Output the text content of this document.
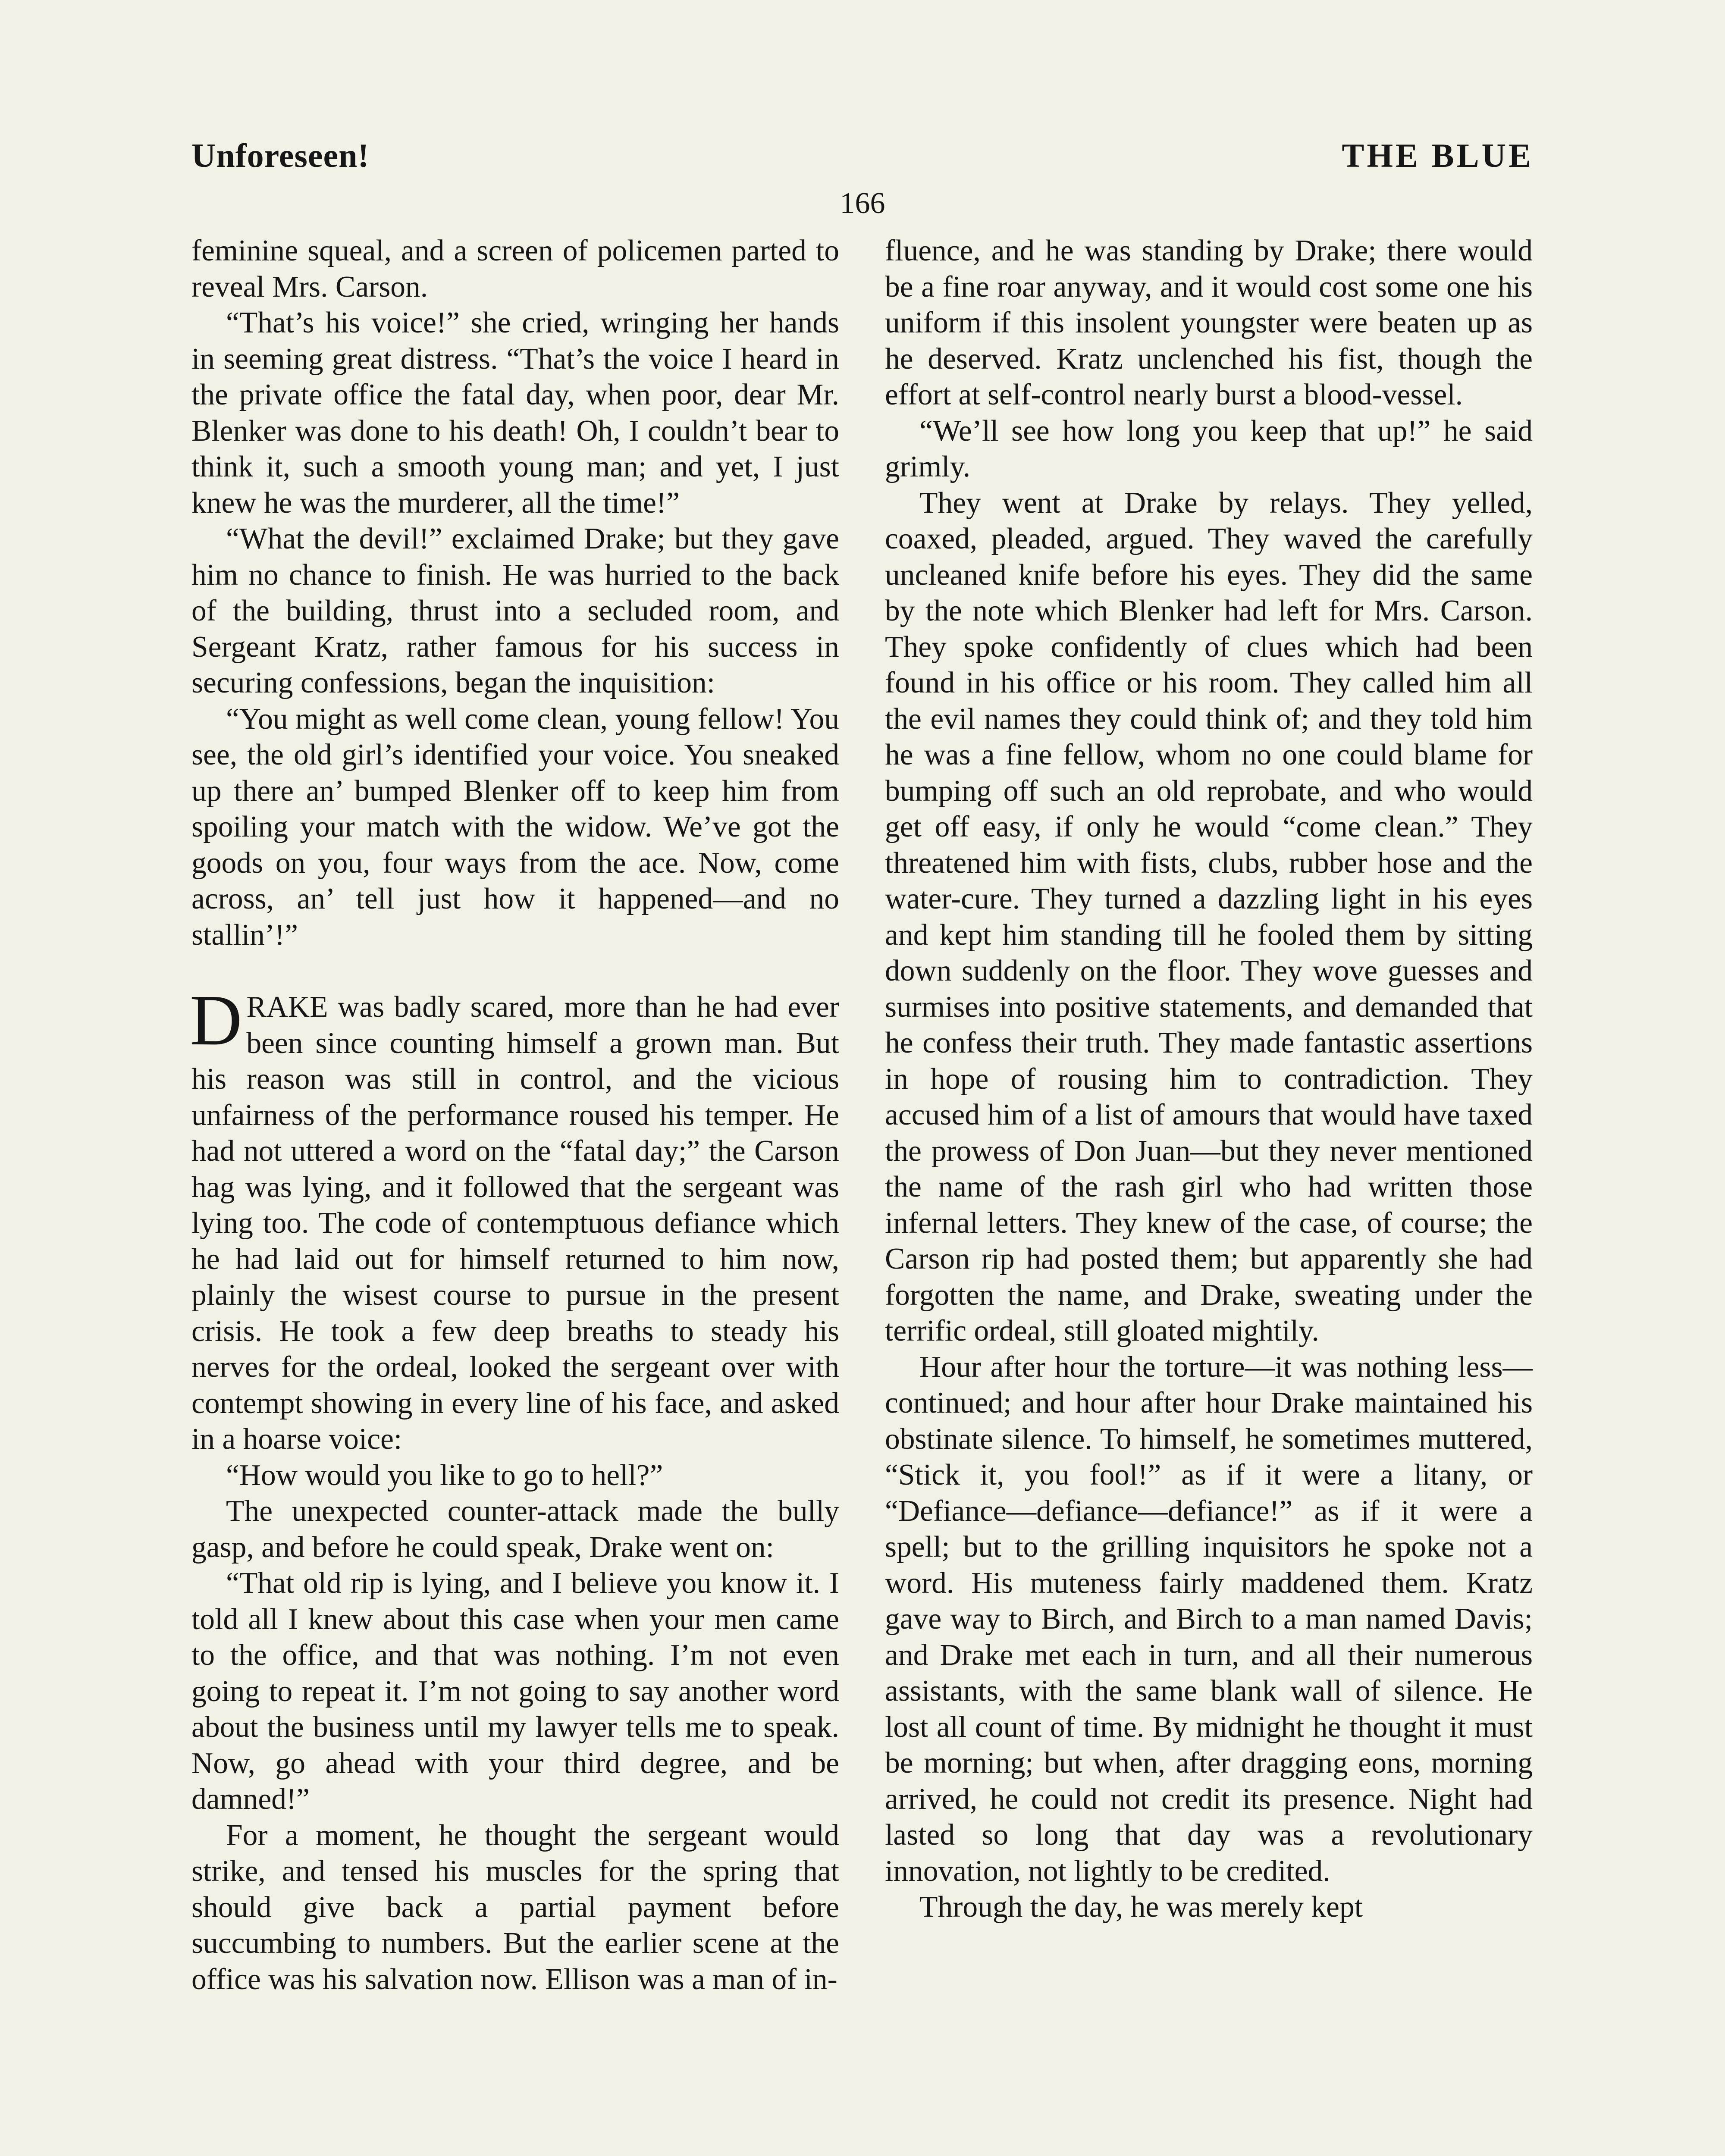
Unforeseen!	THE BLUE
166

feminine squeal, and a screen of policemen parted to reveal Mrs. Carson.

“That’s his voice!” she cried, wringing her hands in seeming great distress. “That’s the voice I heard in the private office the fatal day, when poor, dear Mr. Blenker was done to his death! Oh, I couldn’t bear to think it, such a smooth young man; and yet, I just knew he was the murderer, all the time!”

“What the devil!” exclaimed Drake; but they gave him no chance to finish. He was hurried to the back of the building, thrust into a secluded room, and Sergeant Kratz, rather famous for his success in securing confessions, began the inquisition:

“You might as well come clean, young fellow! You see, the old girl’s identified your voice. You sneaked up there an’ bumped Blenker off to keep him from spoiling your match with the widow. We’ve got the goods on you, four ways from the ace. Now, come across, an’ tell just how it happened—and no stallin’!”

DRAKE was badly scared, more than he had ever been since counting himself a grown man. But his reason was still in control, and the vicious unfairness of the performance roused his temper. He had not uttered a word on the “fatal day;” the Carson hag was lying, and it followed that the sergeant was lying too. The code of contemptuous defiance which he had laid out for himself returned to him now, plainly the wisest course to pursue in the present crisis. He took a few deep breaths to steady his nerves for the ordeal, looked the sergeant over with contempt showing in every line of his face, and asked in a hoarse voice:

“How would you like to go to hell?”

The unexpected counter-attack made the bully gasp, and before he could speak, Drake went on:

“That old rip is lying, and I believe you know it. I told all I knew about this case when your men came to the office, and that was nothing. I’m not even going to repeat it. I’m not going to say another word about the business until my lawyer tells me to speak. Now, go ahead with your third degree, and be damned!”

For a moment, he thought the sergeant would strike, and tensed his muscles for the spring that should give back a partial payment before succumbing to numbers. But the earlier scene at the office was his salvation now. Ellison was a man of in-

fluence, and he was standing by Drake; there would be a fine roar anyway, and it would cost some one his uniform if this insolent youngster were beaten up as he deserved. Kratz unclenched his fist, though the effort at self-control nearly burst a blood-vessel.

“We’ll see how long you keep that up!” he said grimly.

They went at Drake by relays. They yelled, coaxed, pleaded, argued. They waved the carefully uncleaned knife before his eyes. They did the same by the note which Blenker had left for Mrs. Carson. They spoke confidently of clues which had been found in his office or his room. They called him all the evil names they could think of; and they told him he was a fine fellow, whom no one could blame for bumping off such an old reprobate, and who would get off easy, if only he would “come clean.” They threatened him with fists, clubs, rubber hose and the water-cure. They turned a dazzling light in his eyes and kept him standing till he fooled them by sitting down suddenly on the floor. They wove guesses and surmises into positive statements, and demanded that he confess their truth. They made fantastic assertions in hope of rousing him to contradiction. They accused him of a list of amours that would have taxed the prowess of Don Juan—but they never mentioned the name of the rash girl who had written those infernal letters. They knew of the case, of course; the Carson rip had posted them; but apparently she had forgotten the name, and Drake, sweating under the terrific ordeal, still gloated mightily.

Hour after hour the torture—it was nothing less—continued; and hour after hour Drake maintained his obstinate silence. To himself, he sometimes muttered, “Stick it, you fool!” as if it were a litany, or “Defiance—defiance—defiance!” as if it were a spell; but to the grilling inquisitors he spoke not a word. His muteness fairly maddened them. Kratz gave way to Birch, and Birch to a man named Davis; and Drake met each in turn, and all their numerous assistants, with the same blank wall of silence. He lost all count of time. By midnight he thought it must be morning; but when, after dragging eons, morning arrived, he could not credit its presence. Night had lasted so long that day was a revolutionary innovation, not lightly to be credited.

Through the day, he was merely kept
